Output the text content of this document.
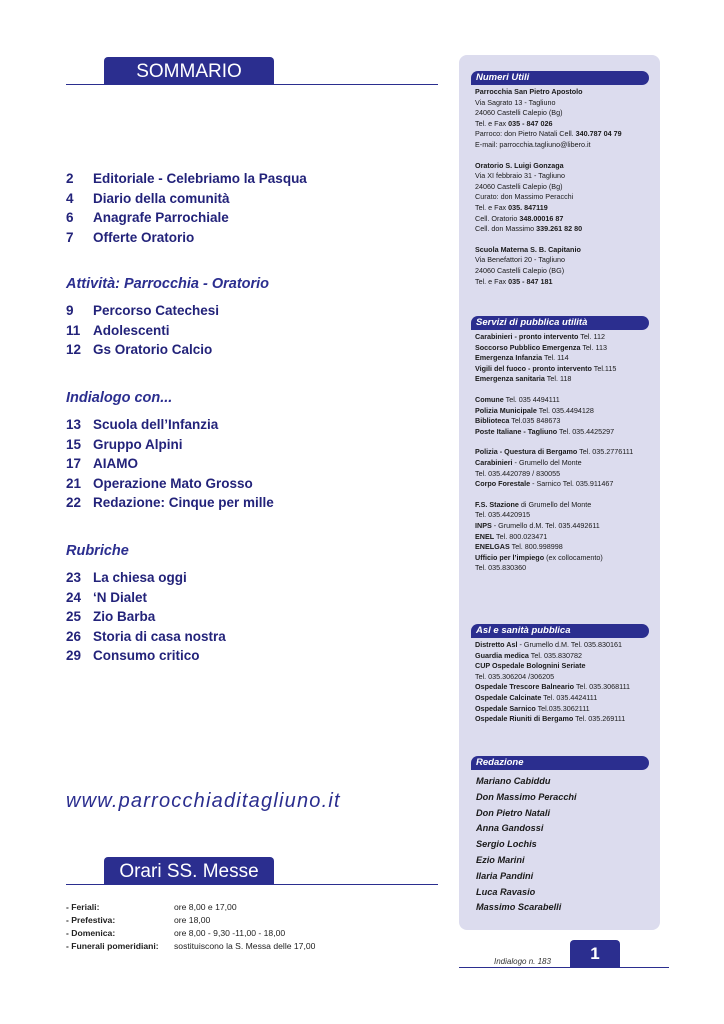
SOMMARIO
2	Editoriale - Celebriamo la Pasqua
4	Diario della comunità
6	Anagrafe Parrochiale
7	Offerte Oratorio
Attività: Parrocchia - Oratorio
9	Percorso Catechesi
11 Adolescenti
12 Gs Oratorio Calcio
Indialogo con...
13 Scuola dell’Infanzia
15 Gruppo Alpini
17 AIAMO
21 Operazione Mato Grosso
22 Redazione: Cinque per mille
Rubriche
23 La chiesa oggi
24 ‘N Dialet
25 Zio Barba
26 Storia di casa nostra
29 Consumo critico
www.parrocchiaditagliuno.it
Orari SS. Messe
- Feriali:	ore 8,00 e 17,00
- Prefestiva:	ore 18,00
- Domenica:	ore 8,00 - 9,30 -11,00 - 18,00
- Funerali pomeridiani:	sostituiscono la S. Messa delle 17,00
Numeri Utili
Parrocchia San Pietro Apostolo
Via Sagrato 13 - Tagliuno
24060 Castelli Calepio (Bg)
Tel. e Fax 035 - 847 026
Parroco: don Pietro Natali Cell. 340.787 04 79
E-mail: parrocchia.tagliuno@libero.it
Oratorio S. Luigi Gonzaga
Via XI febbraio 31 - Tagliuno
24060 Castelli Calepio (Bg)
Curato: don Massimo Peracchi
Tel. e Fax 035. 847119
Cell. Oratorio 348.00016 87
Cell. don Massimo 339.261 82 80
Scuola Materna S. B. Capitanio
Via Benefattori 20 - Tagliuno
24060 Castelli Calepio (BG)
Tel. e Fax 035 - 847 181
Servizi di pubblica utilità
Carabinieri - pronto intervento Tel. 112
Soccorso Pubblico Emergenza Tel. 113
Emergenza Infanzia Tel. 114
Vigili del fuoco - pronto intervento Tel.115
Emergenza sanitaria Tel. 118
Comune Tel. 035 4494111
Polizia Municipale Tel. 035.4494128
Biblioteca Tel.035 848673
Poste Italiane - Tagliuno Tel. 035.4425297
Polizia - Questura di Bergamo Tel. 035.2776111
Carabinieri - Grumello del Monte
Tel. 035.4420789 / 830055
Corpo Forestale - Sarnico Tel. 035.911467
F.S. Stazione di Grumello del Monte
Tel. 035.4420915
INPS - Grumello d.M. Tel. 035.4492611
ENEL Tel. 800.023471
ENELGAS Tel. 800.998998
Ufficio per l’impiego (ex collocamento)
Tel. 035.830360
Asl e sanità pubblica
Distretto Asl - Grumello d.M. Tel. 035.830161
Guardia medica Tel. 035.830782
CUP Ospedale Bolognini Seriate
Tel. 035.306204 /306205
Ospedale Trescore Balneario Tel. 035.3068111
Ospedale Calcinate Tel. 035.4424111
Ospedale Sarnico Tel.035.3062111
Ospedale Riuniti di Bergamo Tel. 035.269111
Redazione
Mariano Cabiddu
Don Massimo Peracchi
Don Pietro Natali
Anna Gandossi
Sergio Lochis
Ezio Marini
Ilaria Pandini
Luca Ravasio
Massimo Scarabelli
Indialogo n. 183	1
